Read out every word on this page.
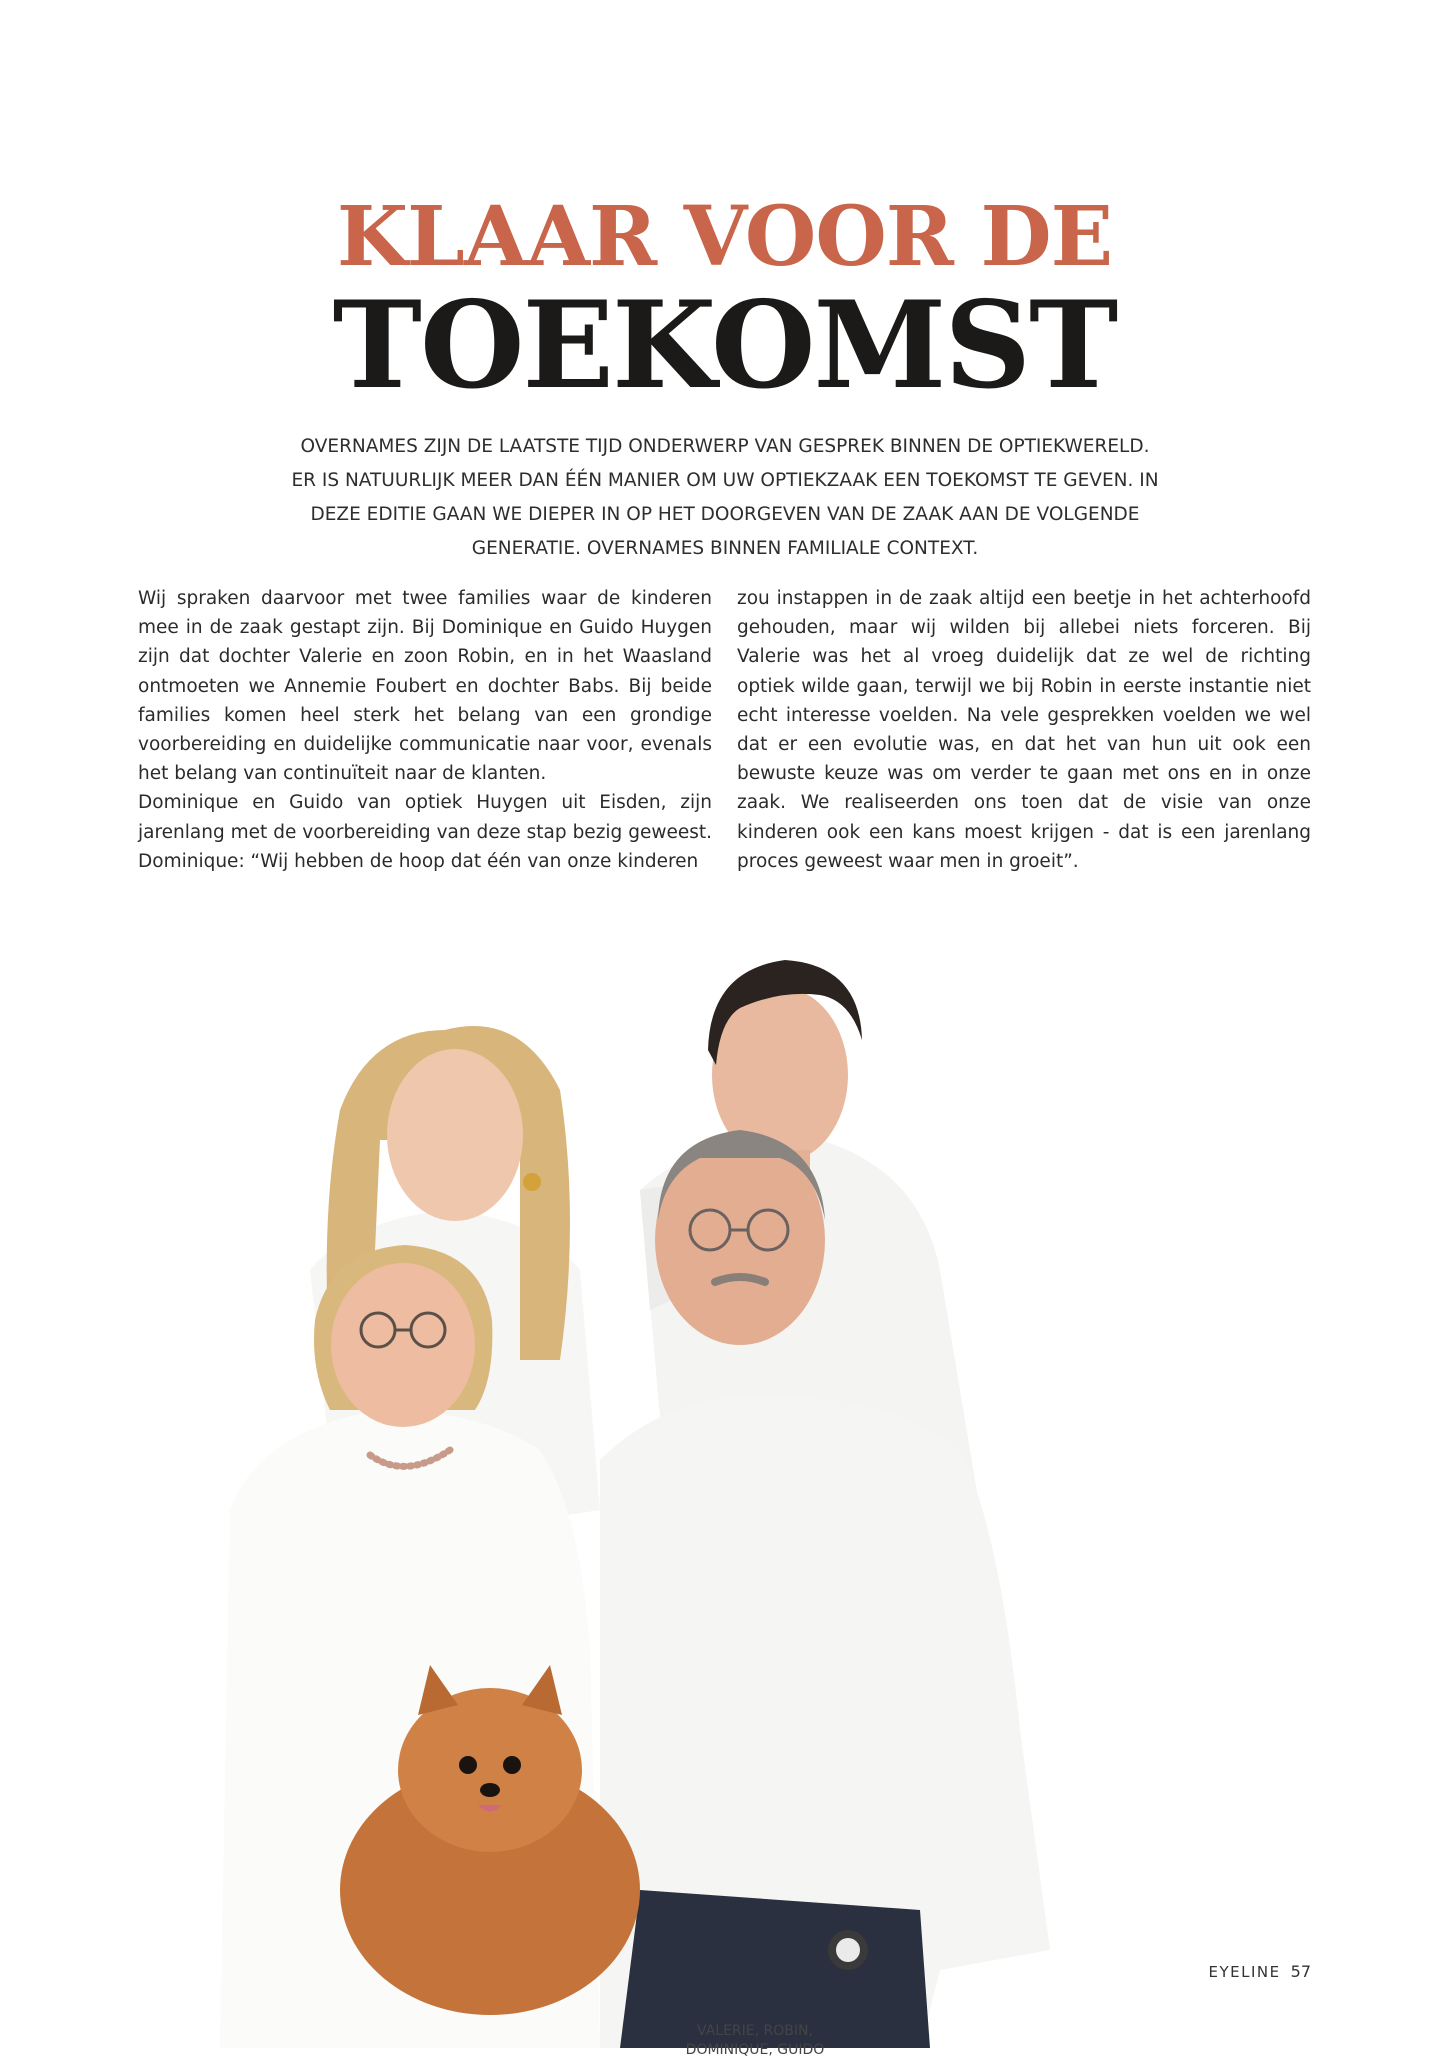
KLAAR VOOR DE
TOEKOMST
OVERNAMES ZIJN DE LAATSTE TIJD ONDERWERP VAN GESPREK BINNEN DE OPTIEKWERELD. ER IS NATUURLIJK MEER DAN ÉÉN MANIER OM UW OPTIEKZAAK EEN TOEKOMST TE GEVEN. IN DEZE EDITIE GAAN WE DIEPER IN OP HET DOORGEVEN VAN DE ZAAK AAN DE VOLGENDE GENERATIE. OVERNAMES BINNEN FAMILIALE CONTEXT.

Wij spraken daarvoor met twee families waar de kinderen mee in de zaak gestapt zijn. Bij Dominique en Guido Huygen zijn dat dochter Valerie en zoon Robin, en in het Waasland ontmoeten we Annemie Foubert en dochter Babs. Bij beide families komen heel sterk het belang van een grondige voorbereiding en duidelijke communicatie naar voor, evenals het belang van continuïteit naar de klanten.

Dominique en Guido van optiek Huygen uit Eisden, zijn jarenlang met de voorbereiding van deze stap bezig geweest. Dominique: “Wij hebben de hoop dat één van onze kinderen

zou instappen in de zaak altijd een beetje in het achterhoofd gehouden, maar wij wilden bij allebei niets forceren. Bij Valerie was het al vroeg duidelijk dat ze wel de richting optiek wilde gaan, terwijl we bij Robin in eerste instantie niet echt interesse voelden. Na vele gesprekken voelden we wel dat er een evolutie was, en dat het van hun uit ook een bewuste keuze was om verder te gaan met ons en in onze zaak. We realiseerden ons toen dat de visie van onze kinderen ook een kans moest krijgen - dat is een jarenlang proces geweest waar men in groeit”.

VALERIE, ROBIN,
DOMINIQUE, GUIDO
EYELINE 57
